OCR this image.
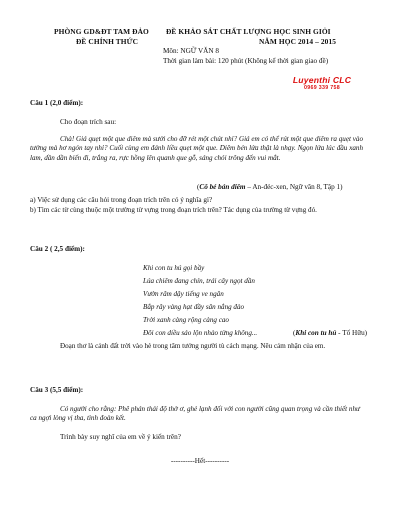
PHÒNG GD&ĐT TAM ĐẢO
ĐỀ CHÍNH THỨC
ĐỀ KHẢO SÁT CHẤT LƯỢNG HỌC SINH GIỎI
NĂM HỌC 2014 – 2015
Môn: NGỮ VĂN 8
Thời gian làm bài: 120 phút (Không kể thời gian giao đề)
Luyenthi CLC
0969 339 758
Câu 1 (2,0 điểm):
Cho đoạn trích sau:
Chà! Giá quẹt một que diêm mà sưởi cho đỡ rét một chút nhỉ? Giá em có thể rút một que diêm ra quẹt vào tường mà hơ ngón tay nhỉ? Cuối cùng em đánh liều quẹt một que. Diêm bén lửa thật là nhạy. Ngọn lửa lúc đầu xanh lam, dần dần biến đi, trắng ra, rực hồng lên quanh que gỗ, sáng chói trông đến vui mắt.
(Cô bé bán diêm – An-đéc-xen, Ngữ văn 8, Tập 1)
a) Việc sử dụng các câu hỏi trong đoạn trích trên có ý nghĩa gì?
b) Tìm các từ cùng thuộc một trường từ vựng trong đoạn trích trên? Tác dụng của trường từ vựng đó.
Câu 2 ( 2,5 điểm):
Khi con tu hú gọi bầy
Lúa chiêm đang chín, trái cây ngọt dần
Vườn râm dậy tiếng ve ngân
Bắp rây vàng hạt đầy sân nắng đào
Trời xanh càng rộng càng cao
Đôi con diều sáo lộn nhào từng không...	(Khi con tu hú - Tố Hữu)
Đoạn thơ là cảnh đất trời vào hè trong tâm tưởng người tù cách mạng. Nêu cảm nhận của em.
Câu 3 (5,5 điểm):
Có người cho rằng: Phê phán thái độ thờ ơ, ghẻ lạnh đối với con người cũng quan trọng và cần thiết như ca ngợi lòng vị tha, tình đoàn kết.
Trình bày suy nghĩ của em về ý kiến trên?
----------Hết----------
